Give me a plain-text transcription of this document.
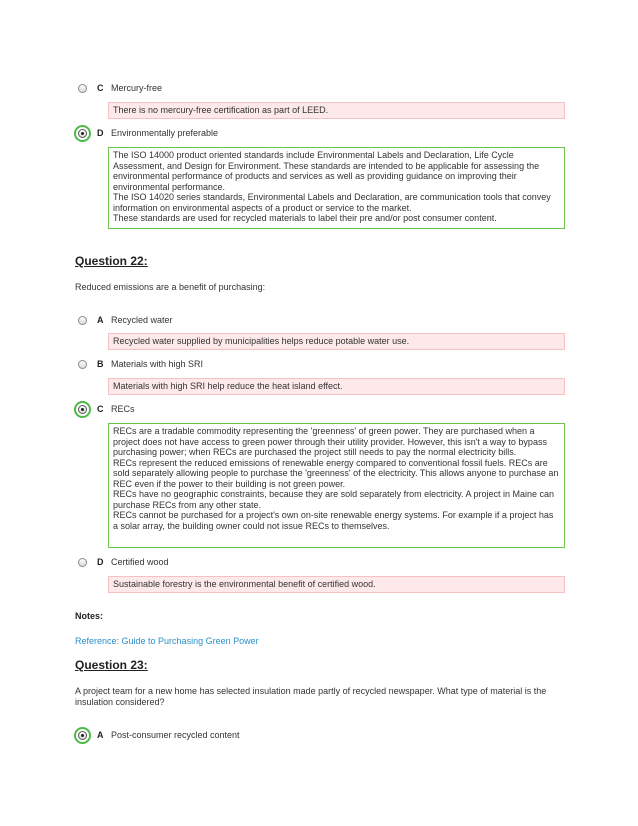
C Mercury-free

There is no mercury-free certification as part of LEED.

D Environmentally preferable

The ISO 14000 product oriented standards include Environmental Labels and Declaration, Life Cycle Assessment, and Design for Environment. These standards are intended to be applicable for assessing the environmental performance of products and services as well as providing guidance on improving their environmental performance.

The ISO 14020 series standards, Environmental Labels and Declaration, are communication tools that convey information on environmental aspects of a product or service to the market.

These standards are used for recycled materials to label their pre and/or post consumer content.

Question 22:
Reduced emissions are a benefit of purchasing:
A Recycled water

Recycled water supplied by municipalities helps reduce potable water use.

B Materials with high SRI

Materials with high SRI help reduce the heat island effect.

C RECs

RECs are a tradable commodity representing the 'greenness' of green power. They are purchased when a project does not have access to green power through their utility provider. However, this isn't a way to bypass purchasing power; when RECs are purchased the project still needs to pay the normal electricity bills.

RECs represent the reduced emissions of renewable energy compared to conventional fossil fuels. RECs are sold separately allowing people to purchase the 'greenness' of the electricity. This allows anyone to purchase an REC even if the power to their building is not green power.

RECs have no geographic constraints, because they are sold separately from electricity. A project in Maine can purchase RECs from any other state.

RECs cannot be purchased for a project's own on-site renewable energy systems. For example if a project has a solar array, the building owner could not issue RECs to themselves.

D Certified wood

Sustainable forestry is the environmental benefit of certified wood.

Notes:
Reference: Guide to Purchasing Green Power
Question 23:
A project team for a new home has selected insulation made partly of recycled newspaper. What type of material is the insulation considered?
A Post-consumer recycled content
